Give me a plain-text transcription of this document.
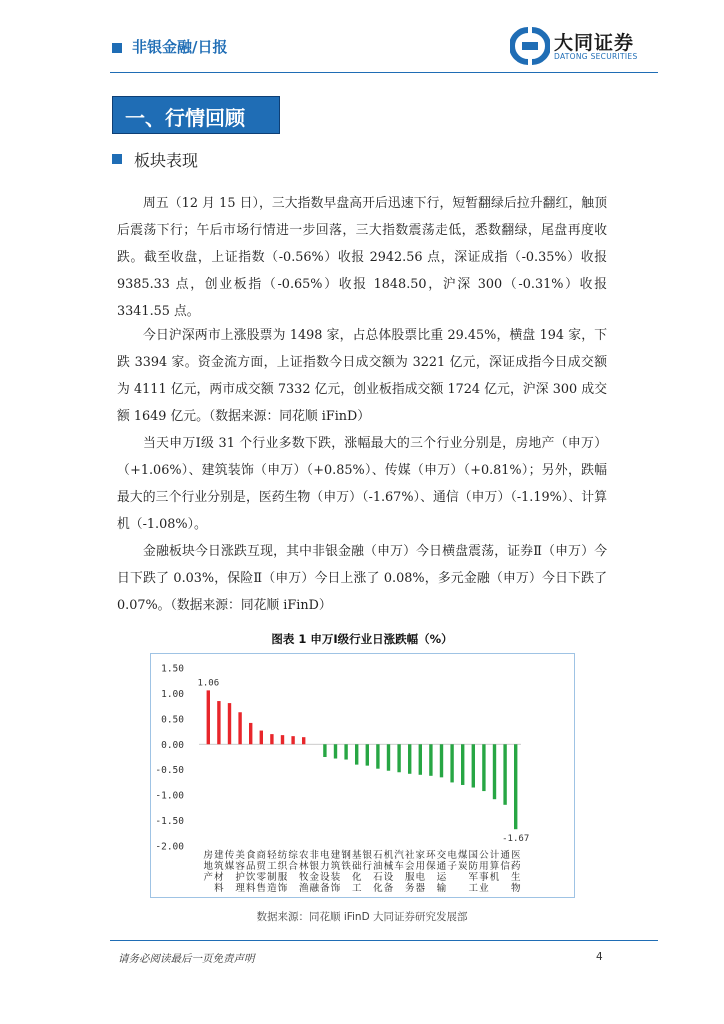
非银金融/日报	大同证券
DATONG SECURITIES
一、行情回顾
板块表现

周五（12 月 15 日），三大指数早盘高开后迅速下行，短暂翻绿后拉升翻红，触顶后震荡下行；午后市场行情进一步回落，三大指数震荡走低，悉数翻绿，尾盘再度收跌。截至收盘，上证指数（-0.56%）收报 2942.56 点，深证成指（-0.35%）收报 9385.33 点，创业板指（-0.65%）收报 1848.50，沪深 300（-0.31%）收报 3341.55 点。

今日沪深两市上涨股票为 1498 家，占总体股票比重 29.45%，横盘 194 家，下跌 3394 家。资金流方面，上证指数今日成交额为 3221 亿元，深证成指今日成交额为 4111 亿元，两市成交额 7332 亿元，创业板指成交额 1724 亿元，沪深 300 成交额 1649 亿元。（数据来源：同花顺 iFinD）

当天申万Ⅰ级 31 个行业多数下跌，涨幅最大的三个行业分别是，房地产（申万）（+1.06%）、建筑装饰（申万）（+0.85%）、传媒（申万）（+0.81%）；另外，跌幅最大的三个行业分别是，医药生物（申万）（-1.67%）、通信（申万）（-1.19%）、计算机（-1.08%）。

金融板块今日涨跌互现，其中非银金融（申万）今日横盘震荡，证券Ⅱ（申万）今日下跌了 0.03%，保险Ⅱ（申万）今日上涨了 0.08%，多元金融（申万）今日下跌了 0.07%。（数据来源：同花顺 iFinD）

图表 1 申万Ⅰ级行业日涨跌幅（%）
1.50
1.00
0.50
0.00
-0.50
-1.00
-1.50
-2.00
1.06
-1.67
房地产
建筑材料
传媒
美容护理
食品饮料
商贸零售
轻工制造
纺织服饰
综合
农林牧渔
非银金融
电力设备
建筑装饰
钢铁
基础化工
银行
石油石化
机械设备
汽车
社会服务
家用电器
环保
交通运输
电子
煤炭
国防军工
公用事业
计算机
通信
医药生物
数据来源：同花顺 iFinD 大同证券研究发展部
请务必阅读最后一页免责声明	4
